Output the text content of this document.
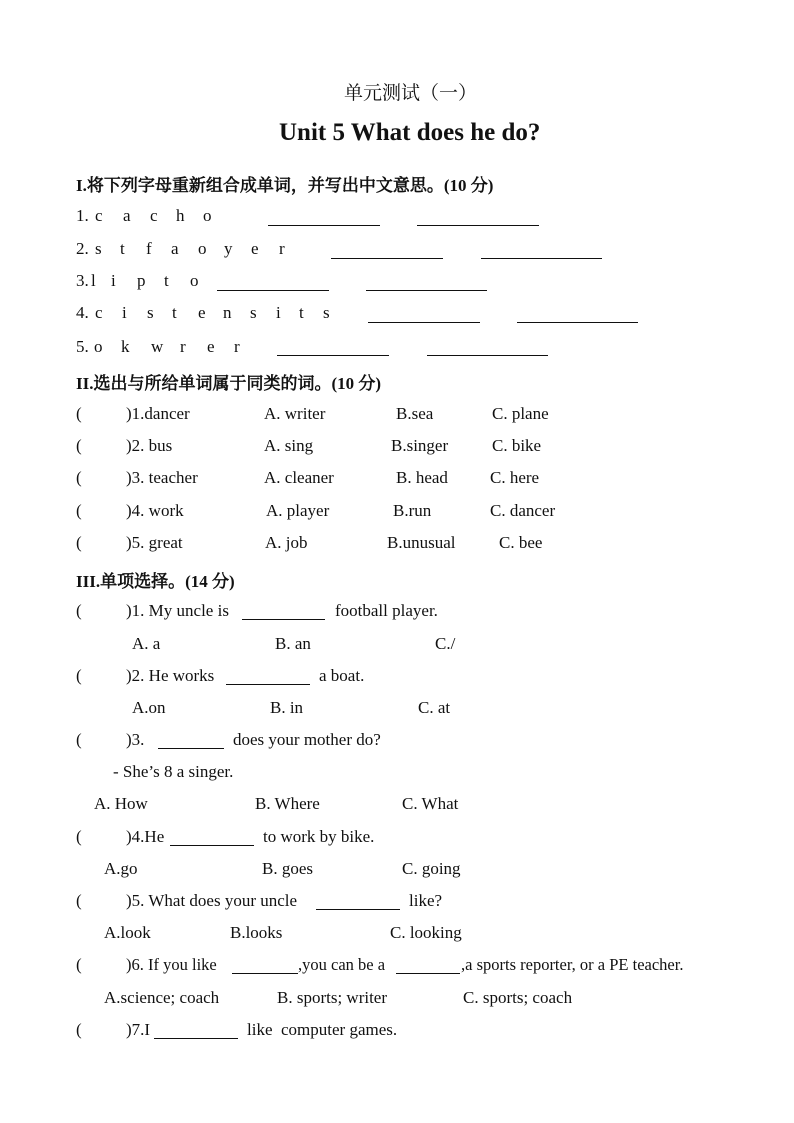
单元测试（一）
Unit 5 What does he do?
I.将下列字母重新组合成单词，并写出中文意思。(10 分)
1. c a c h o
2. s t f a o y e r
3. l i p t o
4. c i s t e n s i t s
5. o k w r e r
II.选出与所给单词属于同类的词。(10 分)
(	)1.dancer	A. writer	B.sea	C. plane
(	)2. bus	A. sing	B.singer	C. bike
(	)3. teacher	A. cleaner	B. head C. here
(	)4. work	A. player	B.run	C. dancer
(	)5. great	A. job	B.unusual	C. bee
III.单项选择。(14 分)
(	)1. My uncle is	football player.
A. a	B. an	C./
(	)2. He works	a boat.
A.on	B. in	C. at
(	)3.	does your mother do?
- She’s 8 a singer.
A. How	B. Where	C. What
(	)4.He	to work by bike.
A.go	B. goes	C. going
(	)5. What does your uncle	like?
A.look	B.looks	C. looking
(	)6. If you like	,you can be a	,a sports reporter, or a PE teacher.
A.science; coach	B. sports; writer	C. sports; coach
(	)7.I	like  computer games.
